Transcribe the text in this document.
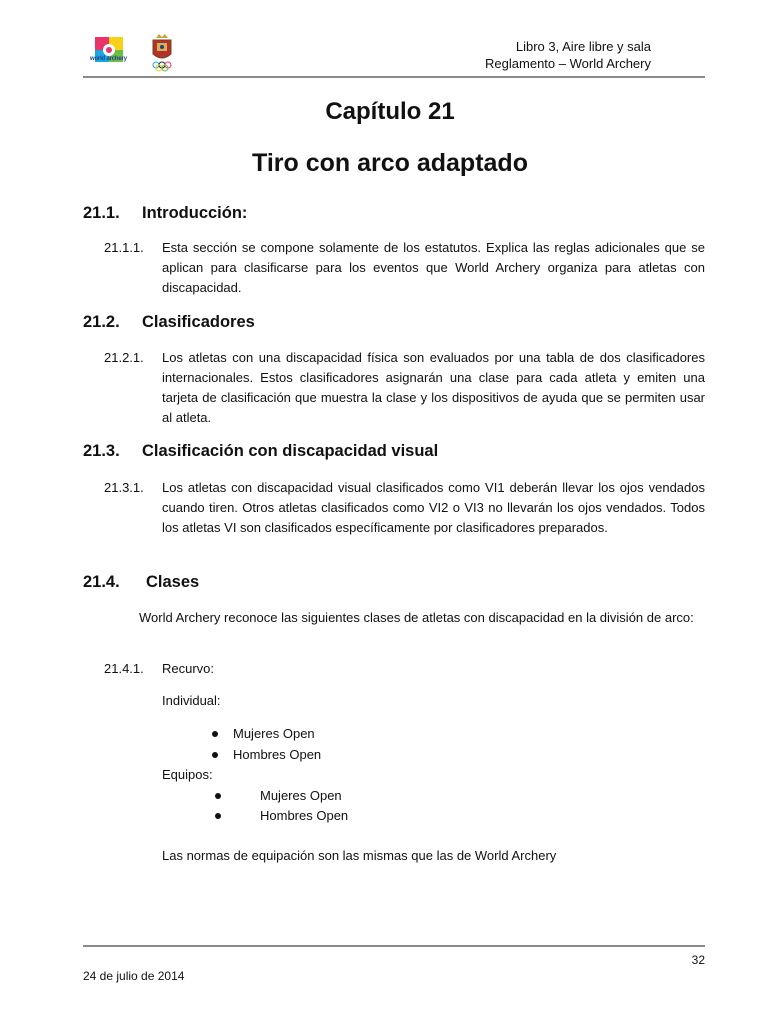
world archery
Libro 3, Aire libre y sala
Reglamento – World Archery
Capítulo 21
Tiro con arco adaptado
21.1. Introducción:
21.1.1. Esta sección se compone solamente de los estatutos. Explica las reglas adicionales que se aplican para clasificarse para los eventos que World Archery organiza para atletas con discapacidad.
21.2. Clasificadores
21.2.1. Los atletas con una discapacidad física son evaluados por una tabla de dos clasificadores internacionales. Estos clasificadores asignarán una clase para cada atleta y emiten una tarjeta de clasificación que muestra la clase y los dispositivos de ayuda que se permiten usar al atleta.
21.3. Clasificación con discapacidad visual
21.3.1. Los atletas con discapacidad visual clasificados como VI1 deberán llevar los ojos vendados cuando tiren. Otros atletas clasificados como VI2 o VI3 no llevarán los ojos vendados. Todos los atletas VI son clasificados específicamente por clasificadores preparados.
21.4. Clases
World Archery reconoce las siguientes clases de atletas con discapacidad en la división de arco:
21.4.1. Recurvo:
Individual:
Mujeres Open
Hombres Open
Equipos:
Mujeres Open
Hombres Open
Las normas de equipación son las mismas que las de World Archery
32
24 de julio de 2014
